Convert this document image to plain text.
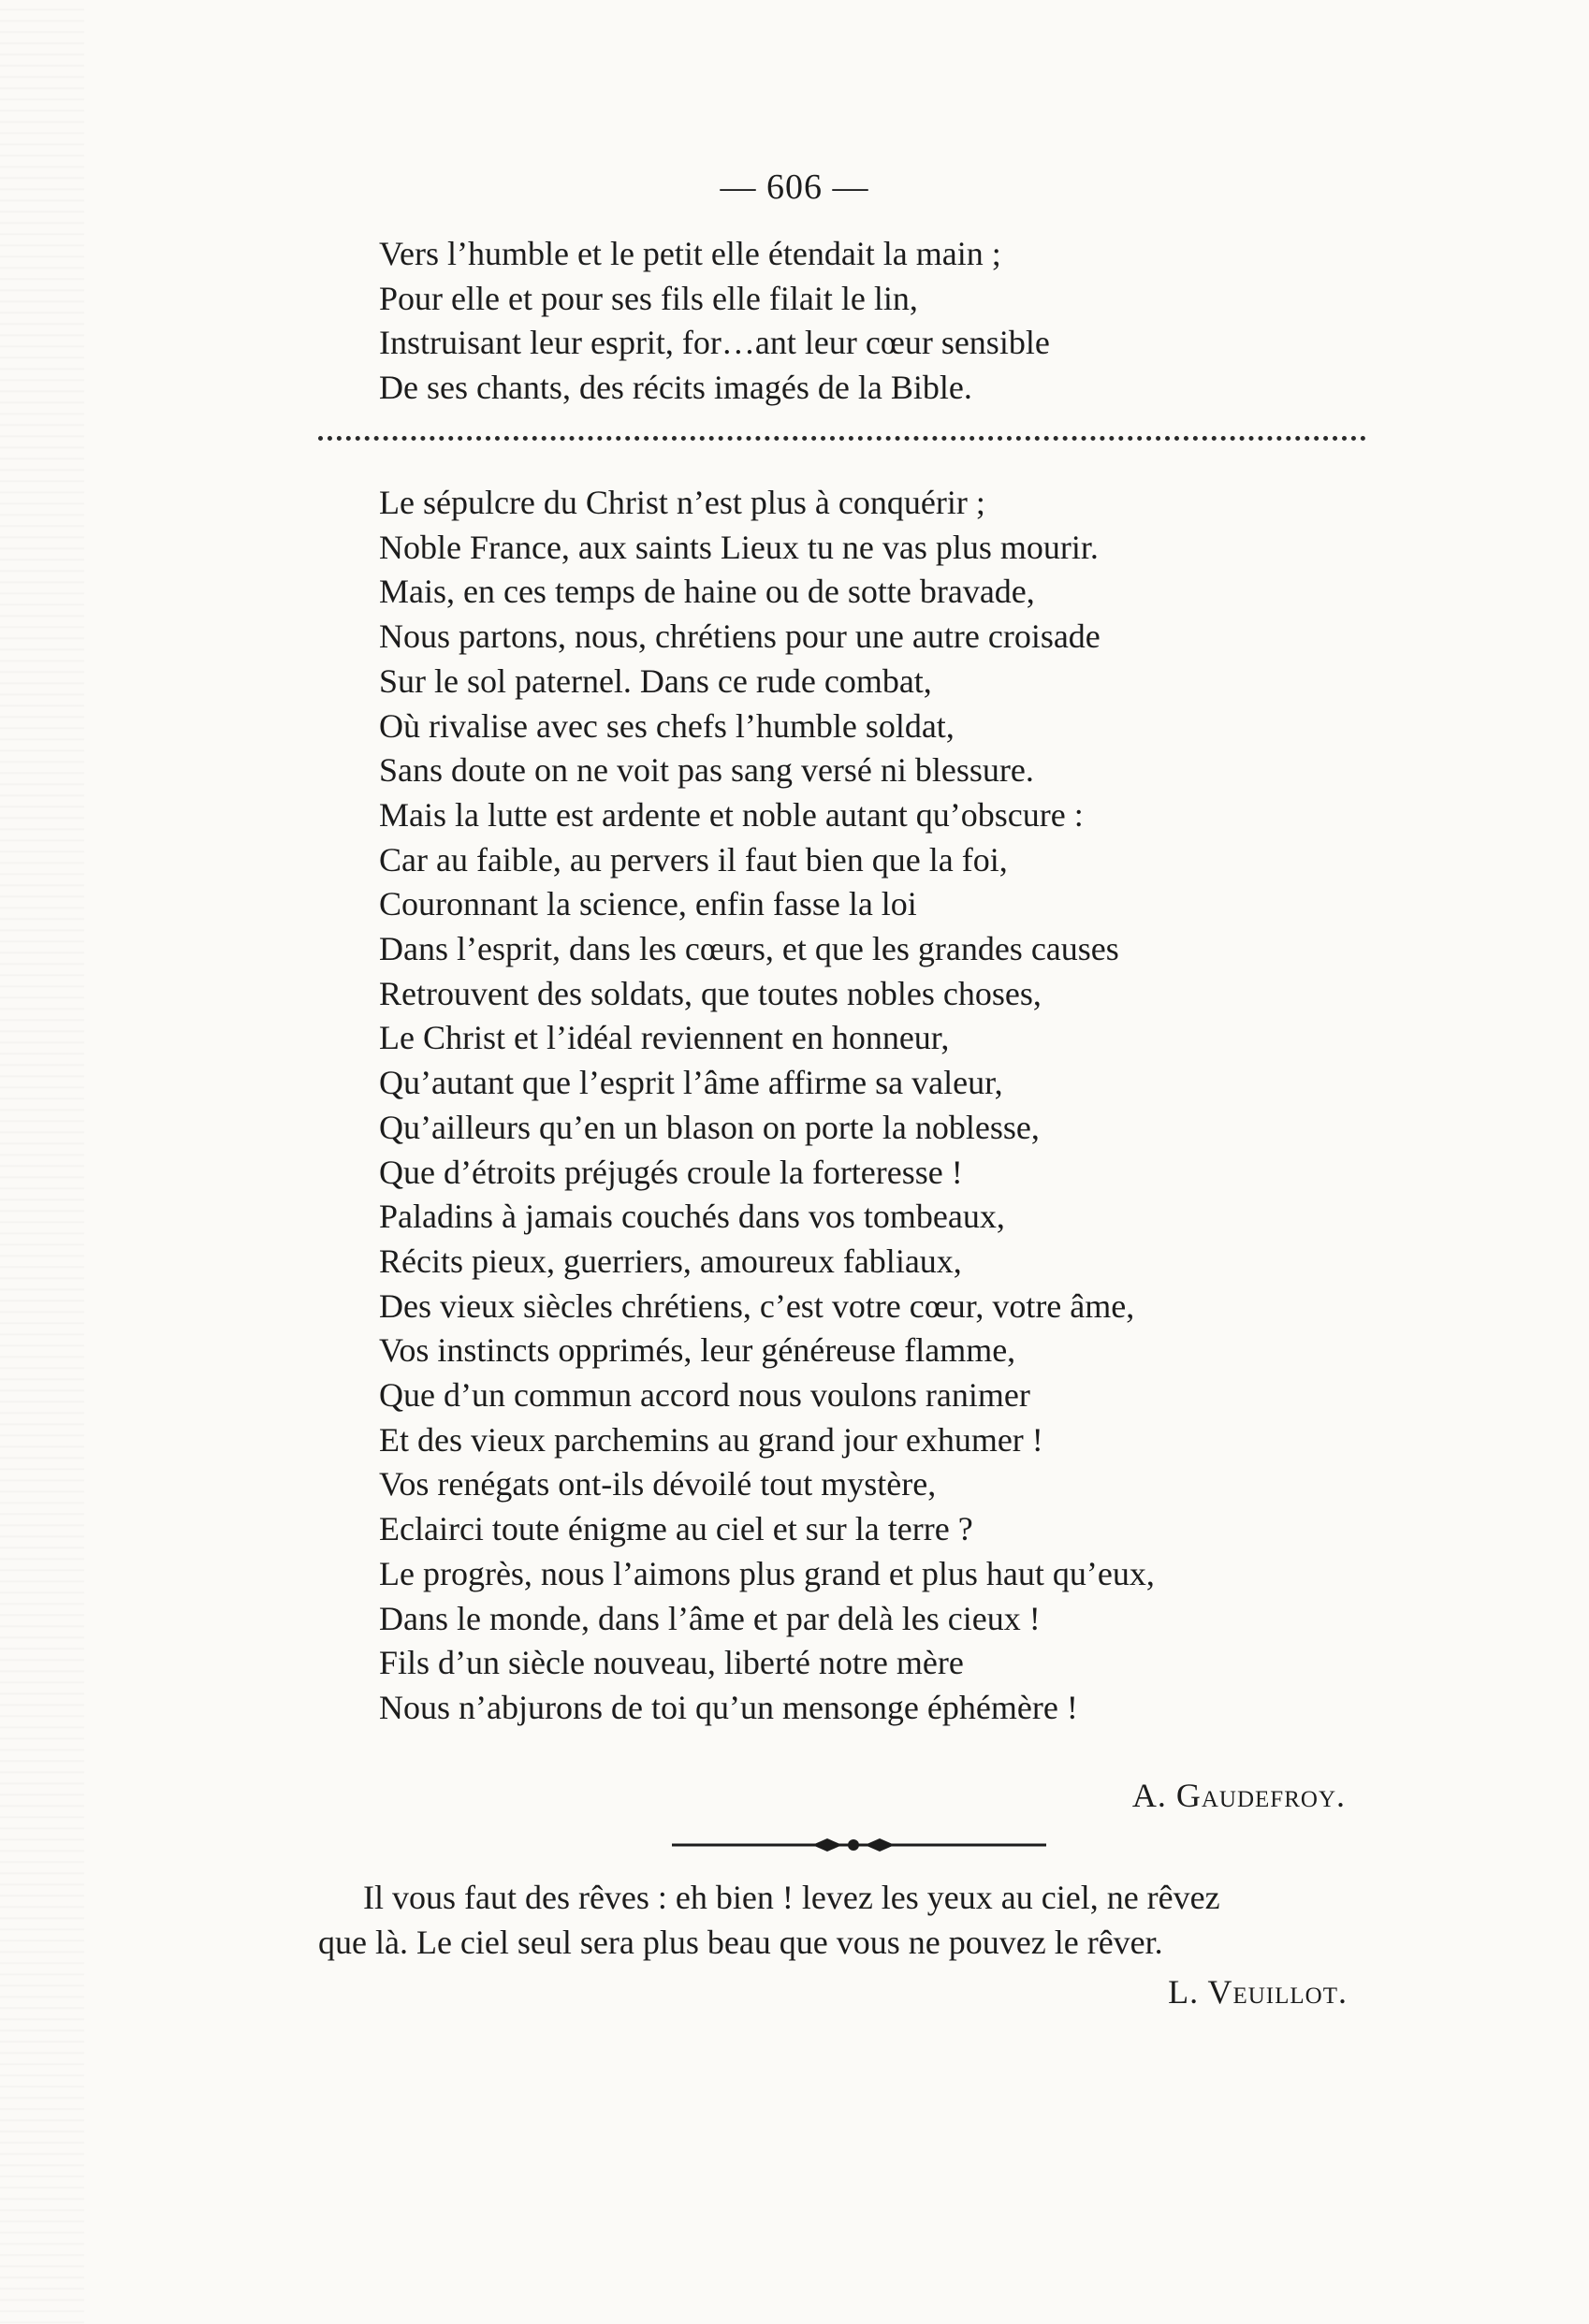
— 606 —
Vers l’humble et le petit elle étendait la main ;
Pour elle et pour ses fils elle filait le lin,
Instruisant leur esprit, for…ant leur cœur sensible
De ses chants, des récits imagés de la Bible.
Le sépulcre du Christ n’est plus à conquérir ;
Noble France, aux saints Lieux tu ne vas plus mourir.
Mais, en ces temps de haine ou de sotte bravade,
Nous partons, nous, chrétiens pour une autre croisade
Sur le sol paternel. Dans ce rude combat,
Où rivalise avec ses chefs l’humble soldat,
Sans doute on ne voit pas sang versé ni blessure.
Mais la lutte est ardente et noble autant qu’obscure :
Car au faible, au pervers il faut bien que la foi,
Couronnant la science, enfin fasse la loi
Dans l’esprit, dans les cœurs, et que les grandes causes
Retrouvent des soldats, que toutes nobles choses,
Le Christ et l’idéal reviennent en honneur,
Qu’autant que l’esprit l’âme affirme sa valeur,
Qu’ailleurs qu’en un blason on porte la noblesse,
Que d’étroits préjugés croule la forteresse !
Paladins à jamais couchés dans vos tombeaux,
Récits pieux, guerriers, amoureux fabliaux,
Des vieux siècles chrétiens, c’est votre cœur, votre âme,
Vos instincts opprimés, leur généreuse flamme,
Que d’un commun accord nous voulons ranimer
Et des vieux parchemins au grand jour exhumer !
Vos renégats ont-ils dévoilé tout mystère,
Eclairci toute énigme au ciel et sur la terre ?
Le progrès, nous l’aimons plus grand et plus haut qu’eux,
Dans le monde, dans l’âme et par delà les cieux !
Fils d’un siècle nouveau, liberté notre mère
Nous n’abjurons de toi qu’un mensonge éphémère !
A. Gaudefroy.
Il vous faut des rêves : eh bien ! levez les yeux au ciel, ne rêvez
que là. Le ciel seul sera plus beau que vous ne pouvez le rêver.
L. Veuillot.
